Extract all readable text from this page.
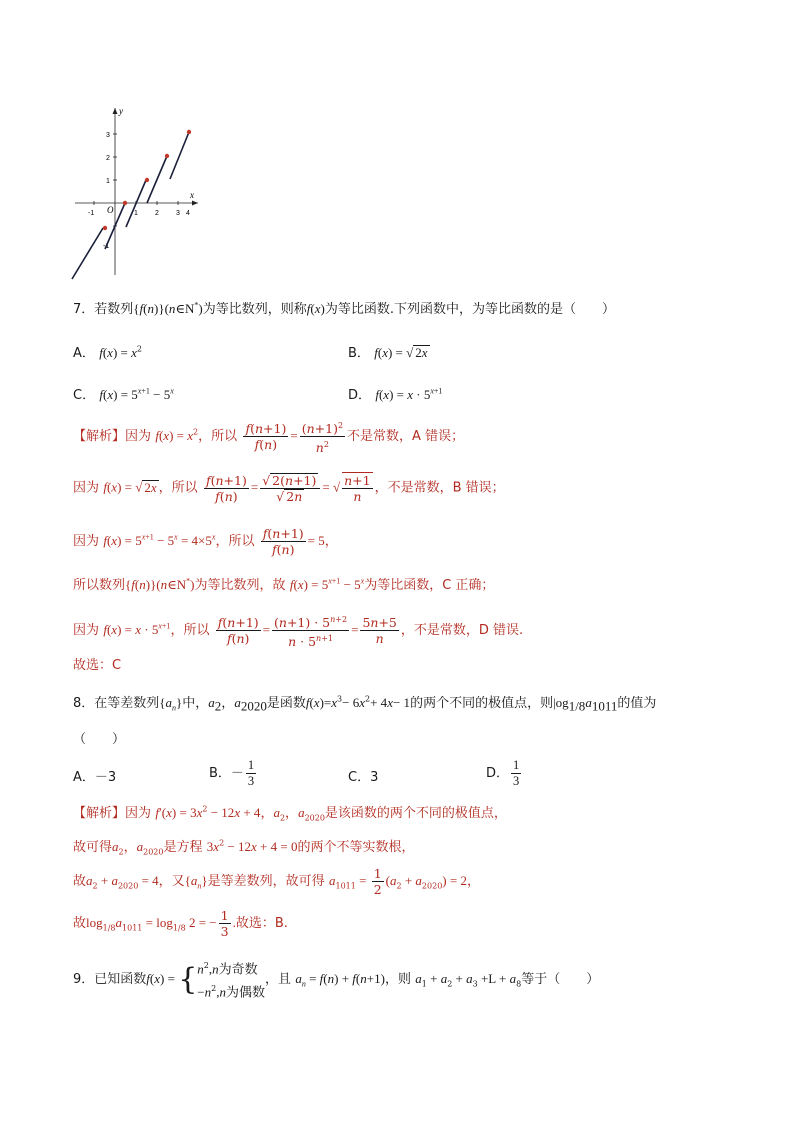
y
x
O
-1	1 2 3 4
3
2
1
-1
7．若数列{f(n)}(n∈N*)为等比数列，则称f(x)为等比函数.下列函数中，为等比函数的是（　　）
A． $f(x) = x^2$	B． f(x) = √ 2x
C． $f(x) = 5^{x+1} - 5^x$	D． $f(x) = x \cdot 5^{x+1}$
【解析】因为 $f(x) = x^2$，所以 $\frac{f(n+1)}{f(n)} = \frac{(n+1)^2}{n^2}$ 不是常数，A 错误；
因为 f(x) = √ 2x ，所以 $\frac{f(n+1)}{f(n)} = \frac{√ 2(n+1)}{√ 2n}$ = √ $\frac{n+1}{n}$ ，不是常数，B 错误；
因为 $f(x) = 5^{x+1} - 5^x = 4\times 5^x$，所以 $\frac{f(n+1)}{f(n)} = 5$，
所以数列{f(n)}(n∈N*)为等比数列，故 $f(x) = 5^{x+1} - 5^x$为等比函数，C 正确；
因为 $f(x) = x \cdot 5^{x+1}$，所以 $\frac{f(n+1)}{f(n)} = \frac{(n+1) \cdot 5^{n+2}}{n \cdot 5^{n+1}} = \frac{5n+5}{n}$ ，不是常数，D 错误.
故选：C
8．在等差数列$\{a_n\}$中，$a_2$，$a_{2020}$是函数$f(x)=x^3- 6x^2+ 4x- 1$的两个不同的极值点，则$|og_{1/8}a_{1011}$的值为
（　　）
A．－3	B．－ $\frac{1}{3}$	C．3	D． $\frac{1}{3}$
【解析】因为 $f'(x) = 3x^2 - 12x + 4$，$a_2$，$a_{2020}$是该函数的两个不同的极值点，
故可得$a_2$，$a_{2020}$是方程 $3x^2 - 12x + 4 = 0$的两个不等实数根，
故$a_2 + a_{2020} = 4$，又$\{a_n\}$是等差数列，故可得 $a_{1011} = \frac{1}{2} (a_2 + a_{2020}) = 2$，
故$\log_{1/8}a_{1011} = \log_{1/8} 2$ = − $\frac{1}{3}$ .故选：B.
9．已知函数f(x) = { $n^2,n$为奇数
$-n^2,n$为偶数
，且 $a_n = f(n) + f(n+1)$，则 $a_1 + a_2 + a_3 +L + a_8$等于（　　）
